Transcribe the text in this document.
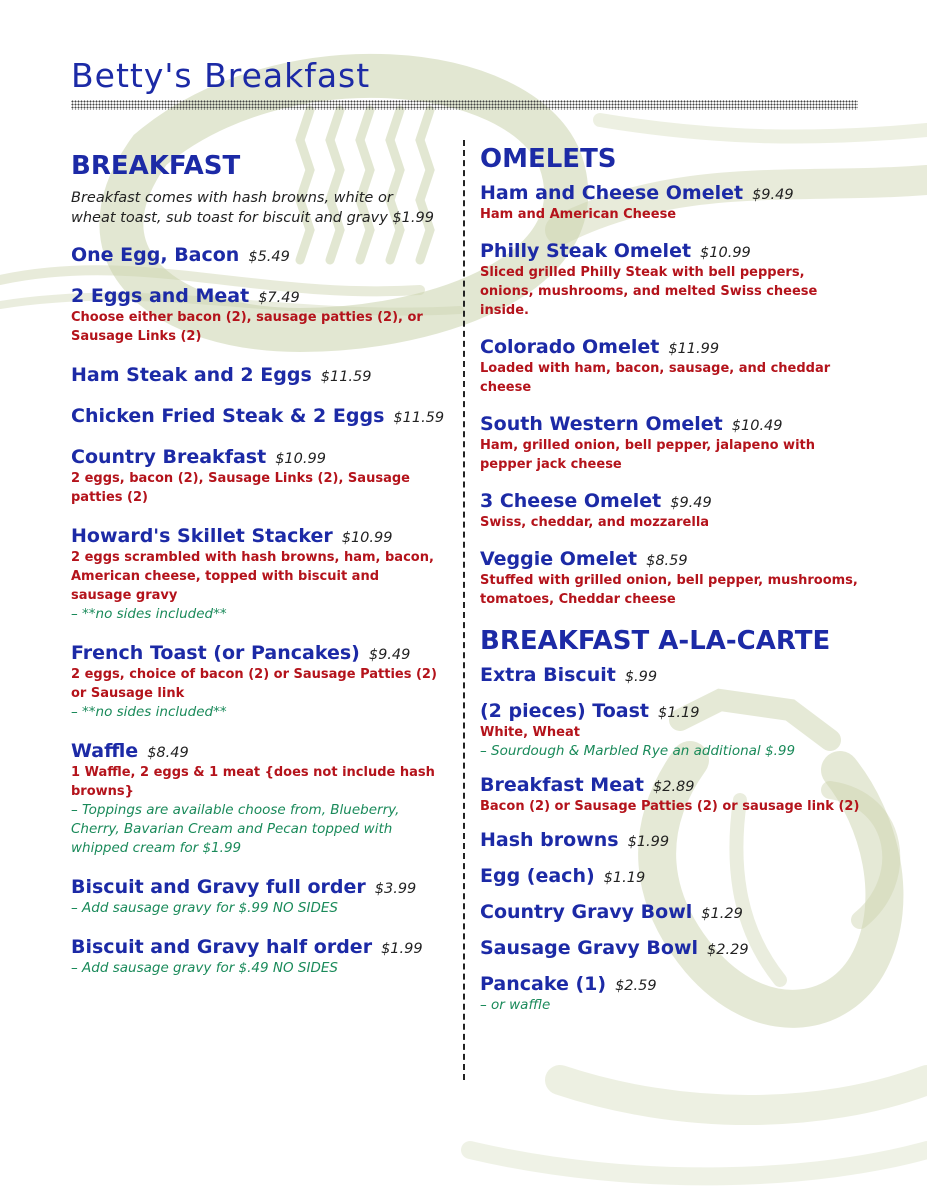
Betty's Breakfast
BREAKFAST

Breakfast comes with hash browns, white or wheat toast, sub toast for biscuit and gravy $1.99

One Egg, Bacon $5.49
2 Eggs and Meat $7.49
Choose either bacon (2), sausage patties (2), or Sausage Links (2)
Ham Steak and 2 Eggs $11.59
Chicken Fried Steak & 2 Eggs $11.59
Country Breakfast $10.99
2 eggs, bacon (2), Sausage Links (2), Sausage patties (2)
Howard's Skillet Stacker $10.99
2 eggs scrambled with hash browns, ham, bacon, American cheese, topped with biscuit and sausage gravy
– **no sides included**
French Toast (or Pancakes) $9.49
2 eggs, choice of bacon (2) or Sausage Patties (2) or Sausage link
– **no sides included**
Waffle $8.49
1 Waffle, 2 eggs & 1 meat {does not include hash browns}
– Toppings are available choose from, Blueberry, Cherry, Bavarian Cream and Pecan topped with whipped cream for $1.99
Biscuit and Gravy full order $3.99
– Add sausage gravy for $.99 NO SIDES
Biscuit and Gravy half order $1.99
– Add sausage gravy for $.49 NO SIDES
OMELETS
Ham and Cheese Omelet $9.49
Ham and American Cheese
Philly Steak Omelet $10.99
Sliced grilled Philly Steak with bell peppers, onions, mushrooms, and melted Swiss cheese inside.
Colorado Omelet $11.99
Loaded with ham, bacon, sausage, and cheddar cheese
South Western Omelet $10.49
Ham, grilled onion, bell pepper, jalapeno with pepper jack cheese
3 Cheese Omelet $9.49
Swiss, cheddar, and mozzarella
Veggie Omelet $8.59
Stuffed with grilled onion, bell pepper, mushrooms, tomatoes, Cheddar cheese
BREAKFAST A-LA-CARTE
Extra Biscuit $.99
(2 pieces) Toast $1.19
White, Wheat
– Sourdough & Marbled Rye an additional $.99
Breakfast Meat $2.89
Bacon (2) or Sausage Patties (2) or sausage link (2)
Hash browns $1.99
Egg (each) $1.19
Country Gravy Bowl $1.29
Sausage Gravy Bowl $2.29
Pancake (1) $2.59
– or waffle
